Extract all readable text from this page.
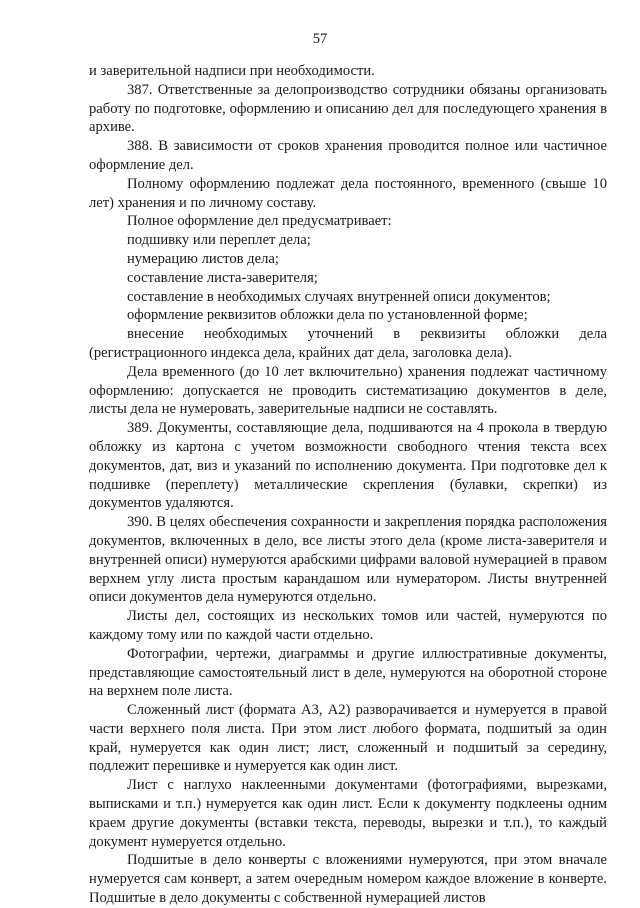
57

и заверительной надписи при необходимости.

387. Ответственные за делопроизводство сотрудники обязаны организовать работу по подготовке, оформлению и описанию дел для последующего хранения в архиве.

388. В зависимости от сроков хранения проводится полное или частичное оформление дел.

Полному оформлению подлежат дела постоянного, временного (свыше 10 лет) хранения и по личному составу.

Полное оформление дел предусматривает:

подшивку или переплет дела;

нумерацию листов дела;

составление листа-заверителя;

составление в необходимых случаях внутренней описи документов;

оформление реквизитов обложки дела по установленной форме;

внесение необходимых уточнений в реквизиты обложки дела (регистрационного индекса дела, крайних дат дела, заголовка дела).

Дела временного (до 10 лет включительно) хранения подлежат частичному оформлению: допускается не проводить систематизацию документов в деле, листы дела не нумеровать, заверительные надписи не составлять.

389. Документы, составляющие дела, подшиваются на 4 прокола в твердую обложку из картона с учетом возможности свободного чтения текста всех документов, дат, виз и указаний по исполнению документа. При подготовке дел к подшивке (переплету) металлические скрепления (булавки, скрепки) из документов удаляются.

390. В целях обеспечения сохранности и закрепления порядка расположения документов, включенных в дело, все листы этого дела (кроме листа-заверителя и внутренней описи) нумеруются арабскими цифрами валовой нумерацией в правом верхнем углу листа простым карандашом или нумератором. Листы внутренней описи документов дела нумеруются отдельно.

Листы дел, состоящих из нескольких томов или частей, нумеруются по каждому тому или по каждой части отдельно.

Фотографии, чертежи, диаграммы и другие иллюстративные документы, представляющие самостоятельный лист в деле, нумеруются на оборотной стороне на верхнем поле листа.

Сложенный лист (формата А3, А2) разворачивается и нумеруется в правой части верхнего поля листа. При этом лист любого формата, подшитый за один край, нумеруется как один лист; лист, сложенный и подшитый за середину, подлежит перешивке и нумеруется как один лист.

Лист с наглухо наклеенными документами (фотографиями, вырезками, выписками и т.п.) нумеруется как один лист. Если к документу подклеены одним краем другие документы (вставки текста, переводы, вырезки и т.п.), то каждый документ нумеруется отдельно.

Подшитые в дело конверты с вложениями нумеруются, при этом вначале нумеруется сам конверт, а затем очередным номером каждое вложение в конверте. Подшитые в дело документы с собственной нумерацией листов
